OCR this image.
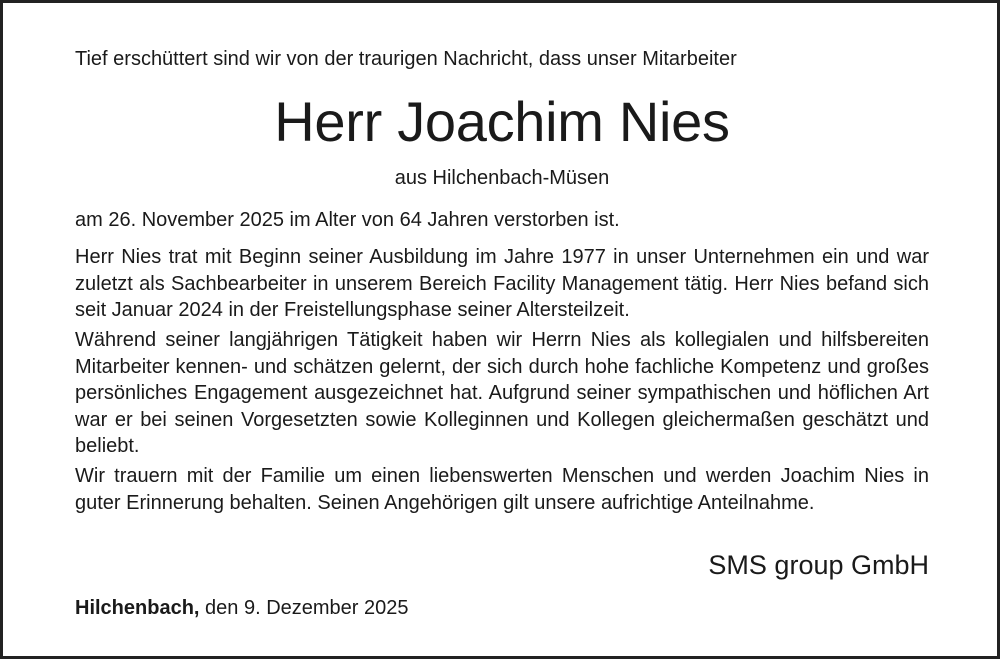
Tief erschüttert sind wir von der traurigen Nachricht, dass unser Mitarbeiter
Herr Joachim Nies
aus Hilchenbach-Müsen
am 26. November 2025 im Alter von 64 Jahren verstorben ist.
Herr Nies trat mit Beginn seiner Ausbildung im Jahre 1977 in unser Unternehmen ein und war zuletzt als Sachbearbeiter in unserem Bereich Facility Management tätig. Herr Nies befand sich seit Januar 2024 in der Freistellungsphase seiner Altersteilzeit.
Während seiner langjährigen Tätigkeit haben wir Herrn Nies als kollegialen und hilfsbereiten Mitarbeiter kennen- und schätzen gelernt, der sich durch hohe fachliche Kompetenz und großes persönliches Engagement ausgezeichnet hat. Aufgrund seiner sympathischen und höflichen Art war er bei seinen Vorgesetzten sowie Kolleginnen und Kollegen gleichermaßen geschätzt und beliebt.
Wir trauern mit der Familie um einen liebenswerten Menschen und werden Joachim Nies in guter Erinnerung behalten. Seinen Angehörigen gilt unsere aufrichtige Anteilnahme.
SMS group GmbH
Hilchenbach, den 9. Dezember 2025
